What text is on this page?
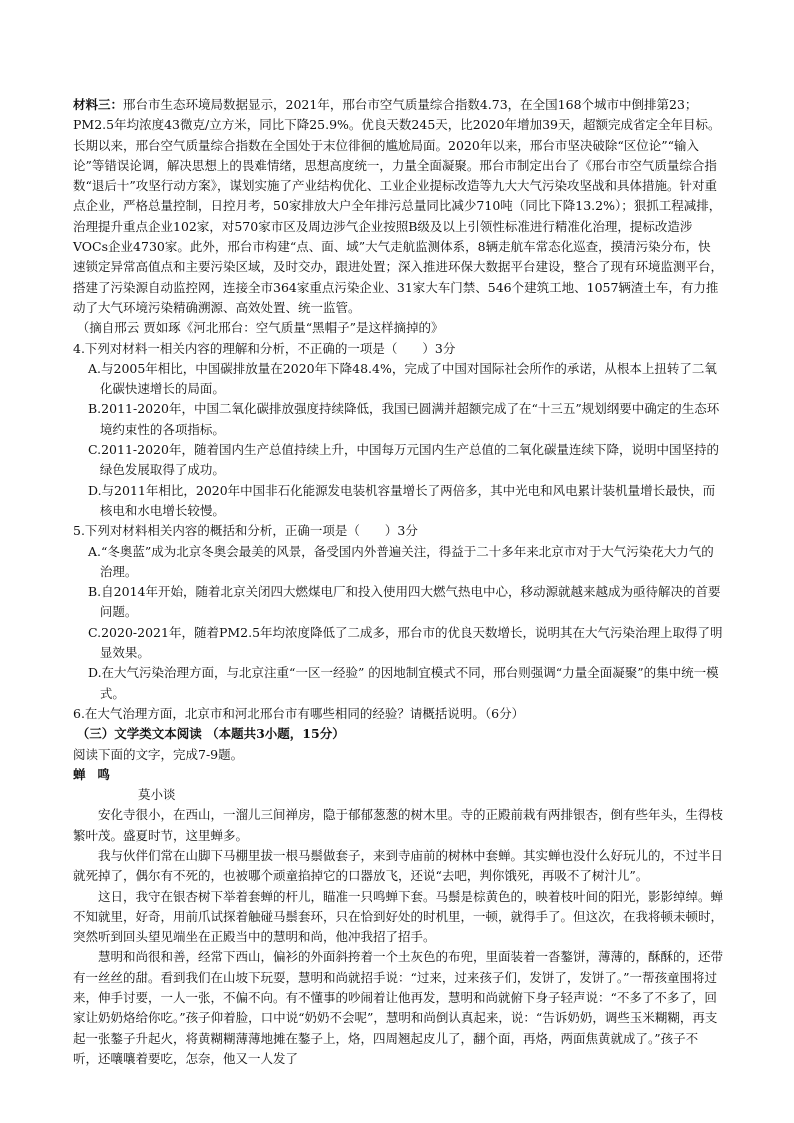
材料三：邢台市生态环境局数据显示，2021年，邢台市空气质量综合指数4.73，在全国168个城市中倒排第23；PM2.5年均浓度43微克/立方米，同比下降25.9%。优良天数245天，比2020年增加39天，超额完成省定全年目标。长期以来，邢台空气质量综合指数在全国处于末位徘徊的尴尬局面。2020年以来，邢台市坚决破除“区位论”“输入论”等错误论调，解决思想上的畏难情绪，思想高度统一，力量全面凝聚。邢台市制定出台了《邢台市空气质量综合指数“退后十”攻坚行动方案》，谋划实施了产业结构优化、工业企业提标改造等九大大气污染攻坚战和具体措施。针对重点企业，严格总量控制，日控月考，50家排放大户全年排污总量同比减少710吨（同比下降13.2%）；狠抓工程减排，治理提升重点企业102家，对570家市区及周边涉气企业按照B级及以上引领性标准进行精准化治理，提标改造涉VOCs企业4730家。此外，邢台市构建“点、面、域”大气走航监测体系，8辆走航车常态化巡查，摸清污染分布，快速锁定异常高值点和主要污染区域，及时交办，跟进处置；深入推进环保大数据平台建设，整合了现有环境监测平台，搭建了污染源自动监控网，连接全市364家重点污染企业、31家大车门禁、546个建筑工地、1057辆渣土车，有力推动了大气环境污染精确溯源、高效处置、统一监管。

（摘自邢云 贾如琢《河北邢台：空气质量“黑帽子”是这样摘掉的》

4.下列对材料一相关内容的理解和分析，不正确的一项是（　　）3分

A.与2005年相比，中国碳排放量在2020年下降48.4%，完成了中国对国际社会所作的承诺，从根本上扭转了二氧化碳快速增长的局面。

B.2011-2020年，中国二氧化碳排放强度持续降低，我国已圆满并超额完成了在“十三五”规划纲要中确定的生态环境约束性的各项指标。

C.2011-2020年，随着国内生产总值持续上升，中国每万元国内生产总值的二氧化碳量连续下降，说明中国坚持的绿色发展取得了成功。

D.与2011年相比，2020年中国非石化能源发电装机容量增长了两倍多，其中光电和风电累计装机量增长最快，而核电和水电增长较慢。

5.下列对材料相关内容的概括和分析，正确一项是（　　）3分

A.“冬奥蓝”成为北京冬奥会最美的风景，备受国内外普遍关注，得益于二十多年来北京市对于大气污染花大力气的治理。

B.自2014年开始，随着北京关闭四大燃煤电厂和投入使用四大燃气热电中心，移动源就越来越成为亟待解决的首要问题。

C.2020-2021年，随着PM2.5年均浓度降低了二成多，邢台市的优良天数增长，说明其在大气污染治理上取得了明显效果。

D.在大气污染治理方面，与北京注重“一区一经验” 的因地制宜模式不同，邢台则强调“力量全面凝聚”的集中统一模式。

6.在大气治理方面，北京市和河北邢台市有哪些相同的经验？请概括说明。（6分）

（三）文学类文本阅读 （本题共3小题，15分）

阅读下面的文字，完成7-9题。

蝉 鸣

莫小谈

安化寺很小，在西山，一溜儿三间禅房，隐于郁郁葱葱的树木里。寺的正殿前栽有两排银杏，倒有些年头，生得枝繁叶茂。盛夏时节，这里蝉多。

我与伙伴们常在山脚下马棚里拔一根马鬃做套子，来到寺庙前的树林中套蝉。其实蝉也没什么好玩儿的，不过半日就死掉了，偶尔有不死的，也被哪个顽童掐掉它的口器放飞，还说“去吧，判你饿死，再吸不了树汁儿”。

这日，我守在银杏树下举着套蝉的杆儿，瞄准一只鸣蝉下套。马鬃是棕黄色的，映着枝叶间的阳光，影影绰绰。蝉不知就里，好奇，用前爪试探着触碰马鬃套环，只在恰到好处的时机里，一顿，就得手了。但这次，在我将顿未顿时，突然听到回头望见端坐在正殿当中的慧明和尚，他冲我招了招手。

慧明和尚很和善，经常下西山，偏衫的外面斜挎着一个土灰色的布兜，里面装着一沓鏊饼，薄薄的，酥酥的，还带有一丝丝的甜。看到我们在山坡下玩耍，慧明和尚就招手说：“过来，过来孩子们，发饼了，发饼了。”一帮孩童围将过来，伸手讨要，一人一张，不偏不向。有不懂事的吵闹着让他再发，慧明和尚就俯下身子轻声说：“不多了不多了，回家让奶奶烙给你吃。”孩子仰着脸，口中说“奶奶不会呢”，慧明和尚倒认真起来，说：“告诉奶奶，调些玉米糊糊，再支起一张鏊子升起火，将黄糊糊薄薄地摊在鏊子上，烙，四周翘起皮儿了，翻个面，再烙，两面焦黄就成了。”孩子不听，还嚷嚷着要吃，怎奈，他又一人发了
